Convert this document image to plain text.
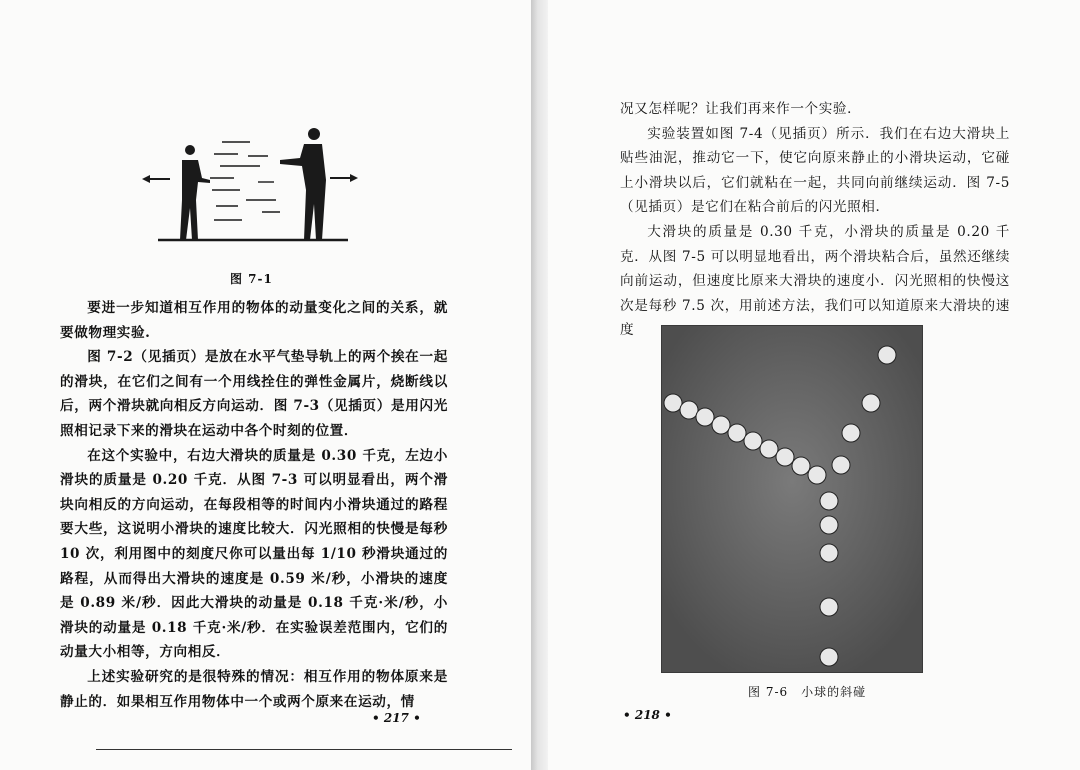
图 7-1

要进一步知道相互作用的物体的动量变化之间的关系，就要做物理实验.

图 7-2（见插页）是放在水平气垫导轨上的两个挨在一起的滑块，在它们之间有一个用线拴住的弹性金属片，烧断线以后，两个滑块就向相反方向运动．图 7-3（见插页）是用闪光照相记录下来的滑块在运动中各个时刻的位置．

在这个实验中，右边大滑块的质量是 0.30 千克，左边小滑块的质量是 0.20 千克．从图 7-3 可以明显看出，两个滑块向相反的方向运动，在每段相等的时间内小滑块通过的路程要大些，这说明小滑块的速度比较大．闪光照相的快慢是每秒 10 次，利用图中的刻度尺你可以量出每 1/10 秒滑块通过的路程，从而得出大滑块的速度是 0.59 米/秒，小滑块的速度是 0.89 米/秒．因此大滑块的动量是 0.18 千克·米/秒，小滑块的动量是 0.18 千克·米/秒．在实验误差范围内，它们的动量大小相等，方向相反．

上述实验研究的是很特殊的情况：相互作用的物体原来是静止的．如果相互作用物体中一个或两个原来在运动，情

• 217 •

况又怎样呢？让我们再来作一个实验．

实验装置如图 7-4（见插页）所示．我们在右边大滑块上贴些油泥，推动它一下，使它向原来静止的小滑块运动，它碰上小滑块以后，它们就粘在一起，共同向前继续运动．图 7-5（见插页）是它们在粘合前后的闪光照相．

大滑块的质量是 0.30 千克，小滑块的质量是 0.20 千克．从图 7-5 可以明显地看出，两个滑块粘合后，虽然还继续向前运动，但速度比原来大滑块的速度小．闪光照相的快慢这次是每秒 7.5 次，用前述方法，我们可以知道原来大滑块的速度

图 7-6　小球的斜碰
• 218 •
